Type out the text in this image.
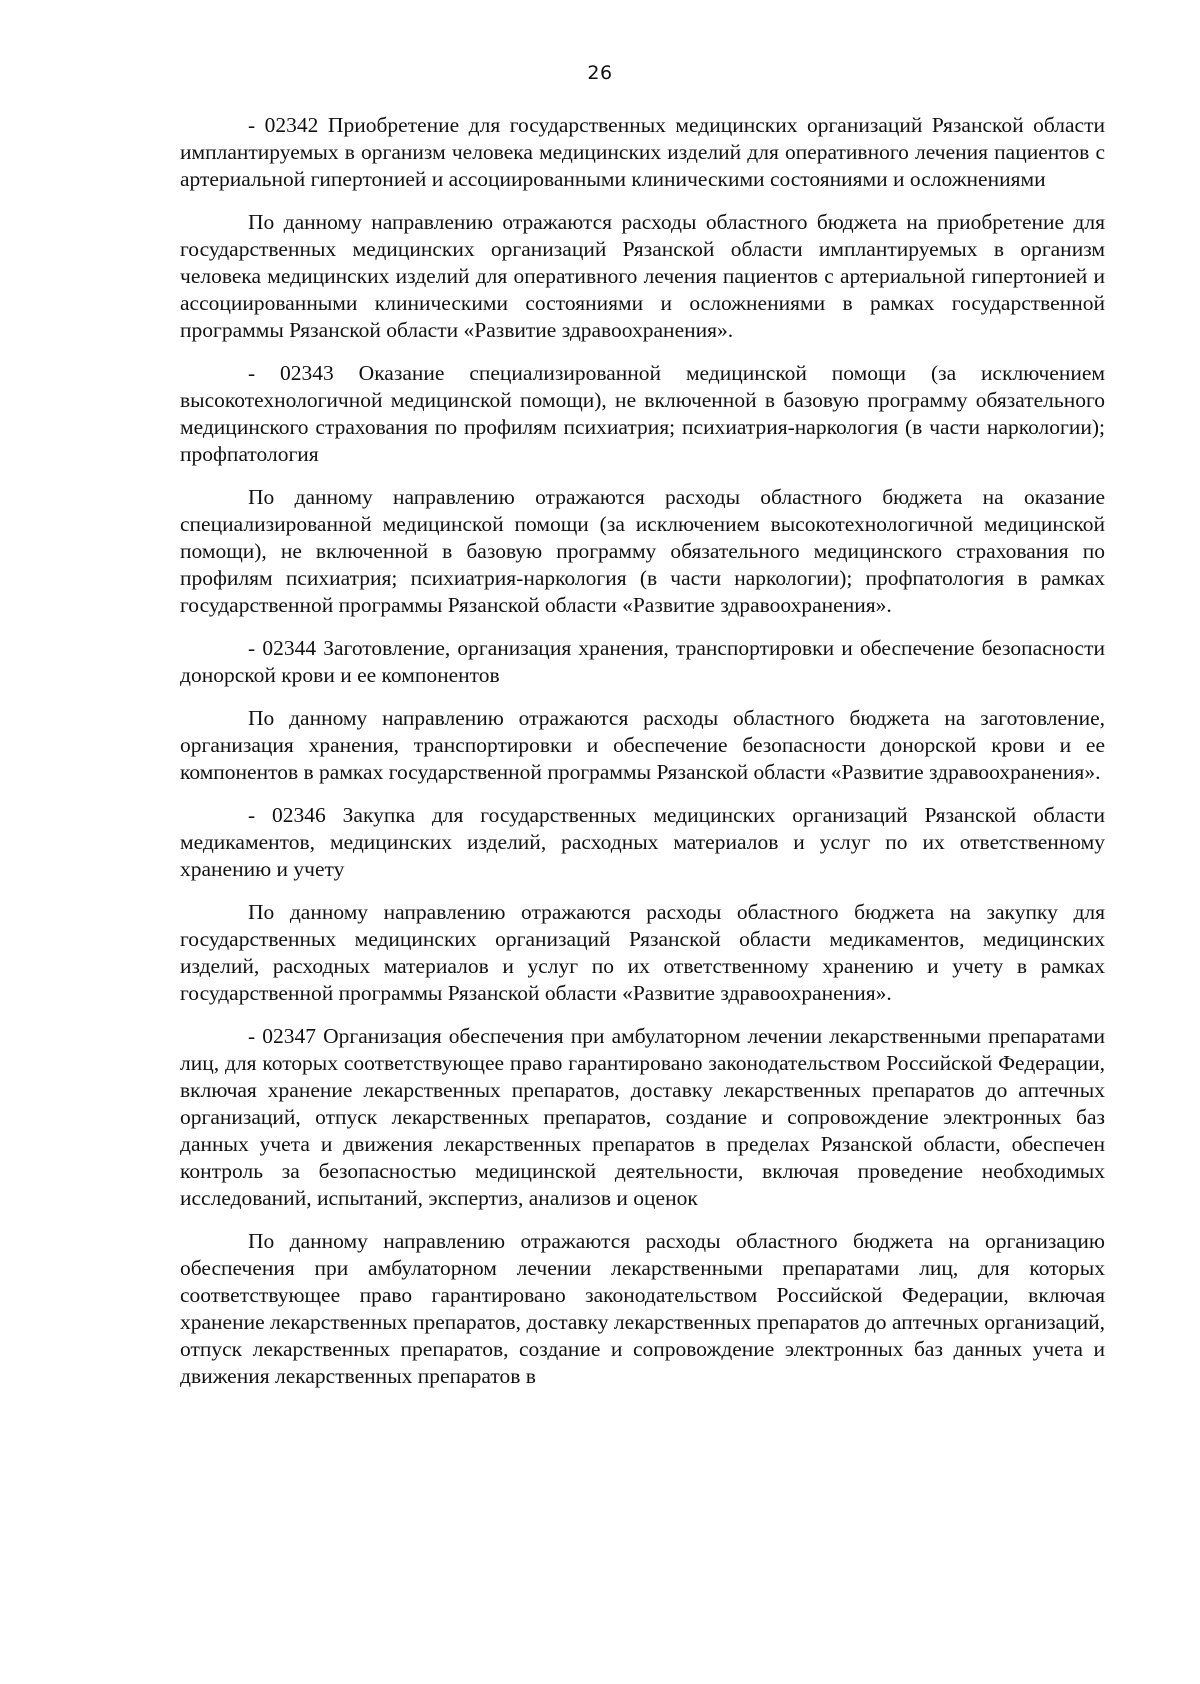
26

- 02342 Приобретение для государственных медицинских организаций Рязанской области имплантируемых в организм человека медицинских изделий для оперативного лечения пациентов с артериальной гипертонией и ассоциированными клиническими состояниями и осложнениями

По данному направлению отражаются расходы областного бюджета на приобретение для государственных медицинских организаций Рязанской области имплантируемых в организм человека медицинских изделий для оперативного лечения пациентов с артериальной гипертонией и ассоциированными клиническими состояниями и осложнениями в рамках государственной программы Рязанской области «Развитие здравоохранения».

- 02343 Оказание специализированной медицинской помощи (за исключением высокотехнологичной медицинской помощи), не включенной в базовую программу обязательного медицинского страхования по профилям психиатрия; психиатрия-наркология (в части наркологии); профпатология

По данному направлению отражаются расходы областного бюджета на оказание специализированной медицинской помощи (за исключением высокотехнологичной медицинской помощи), не включенной в базовую программу обязательного медицинского страхования по профилям психиатрия; психиатрия-наркология (в части наркологии); профпатология в рамках государственной программы Рязанской области «Развитие здравоохранения».

- 02344 Заготовление, организация хранения, транспортировки и обеспечение безопасности донорской крови и ее компонентов

По данному направлению отражаются расходы областного бюджета на заготовление, организация хранения, транспортировки и обеспечение безопасности донорской крови и ее компонентов в рамках государственной программы Рязанской области «Развитие здравоохранения».

- 02346 Закупка для государственных медицинских организаций Рязанской области медикаментов, медицинских изделий, расходных материалов и услуг по их ответственному хранению и учету

По данному направлению отражаются расходы областного бюджета на закупку для государственных медицинских организаций Рязанской области медикаментов, медицинских изделий, расходных материалов и услуг по их ответственному хранению и учету в рамках государственной программы Рязанской области «Развитие здравоохранения».

- 02347 Организация обеспечения при амбулаторном лечении лекарственными препаратами лиц, для которых соответствующее право гарантировано законодательством Российской Федерации, включая хранение лекарственных препаратов, доставку лекарственных препаратов до аптечных организаций, отпуск лекарственных препаратов, создание и сопровождение электронных баз данных учета и движения лекарственных препаратов в пределах Рязанской области, обеспечен контроль за безопасностью медицинской деятельности, включая проведение необходимых исследований, испытаний, экспертиз, анализов и оценок

По данному направлению отражаются расходы областного бюджета на организацию обеспечения при амбулаторном лечении лекарственными препаратами лиц, для которых соответствующее право гарантировано законодательством Российской Федерации, включая хранение лекарственных препаратов, доставку лекарственных препаратов до аптечных организаций, отпуск лекарственных препаратов, создание и сопровождение электронных баз данных учета и движения лекарственных препаратов в
